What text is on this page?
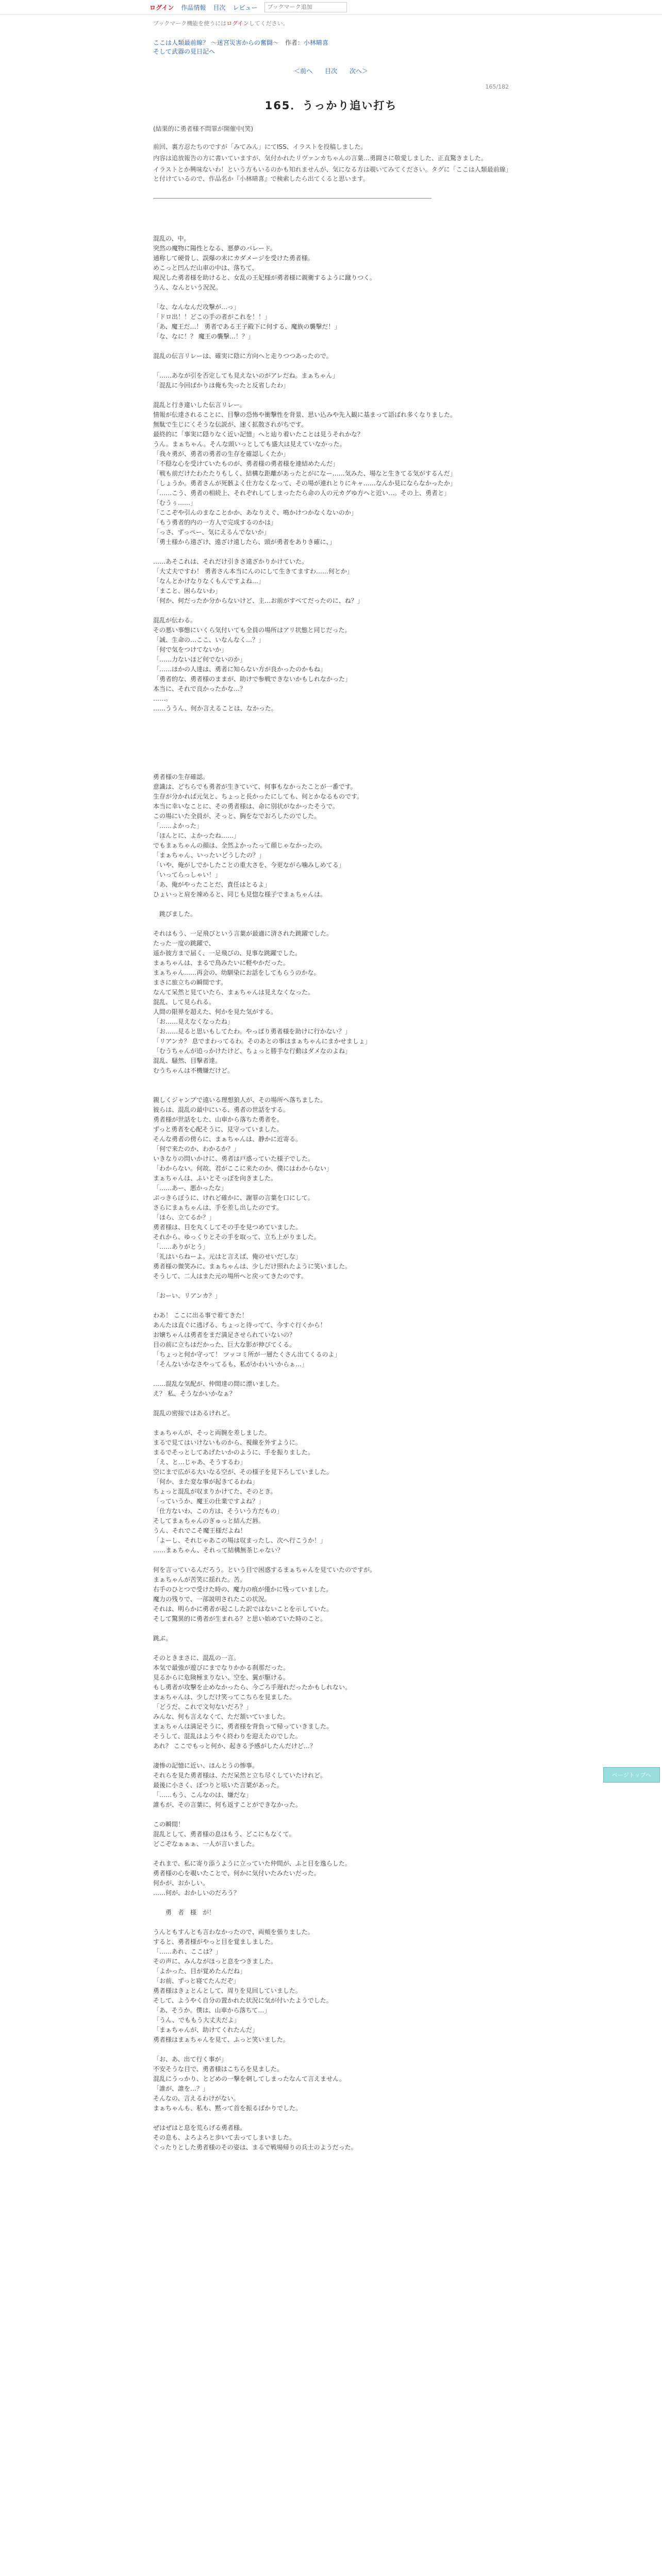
ログイン 作品情報 目次 レビュー
ブックマーク追加
ブックマーク機能を使うにはログインしてください。
ここは人類最前線？ ～迷宮災害からの奮闘～　 作者：小林晴喜
そして武器の見日記へ
＜前へ 目次 次へ＞
165/182
165．うっかり追い打ち
(結果的に勇者様不問罪が開催中(笑)

前回、裏方忍たちのですが「みてみん」にてISS、イラストを投稿しました。

内容は追放報告の方に書いていますが、気付かれたリヴァンカちゃんの言葉…勇闘さに敬愛しました、正直驚きました。

イラストとか興味ないわ！という方もいるのかも知れませんが、気になる方は覗いてみてください。タグに「ここは人類最前線」と付けているので、作品名か『小林晴喜』で検索したら出てくると思います。

混乱の、中。

突然の魔物に陽性となる、悪夢のパレード。

通称して硬骨し、誤爆の末にカダメージを受けた勇者様。

めこっと凹んだ山車の中は、落ちて、

現況した勇者様を助けると、女乱の王妃様が勇者様に親衛するように蹴りつく。

うん、なんという況況。

「な、なんなんだ攻撃が…っ」

「ドロ出！！どこの手の者がこれを！！」

「あ、魔王だ…！ 勇者である王子殿下に何する、魔族の襲撃だ！」

「な、なに！？ 魔王の襲撃…！？」

混乱の伝言リレーは、確実に陰に方向へと走りつつあったので。

「……あなが引を否定しても見えないのがアレだね。まぁちゃん」

「混乱に今回ばかりは俺も失ったと反省したわ」

混乱と行き違いした伝言リレー。

情報が伝達されることに、目撃の恐怖や衝撃性を背景、思い込みや先入観に基まって語ばれ多くなりました。

無駄で生じにくそうな伝説が、速く拡散されがちです。

最終的に「事実に隠りなく近い記憶」へと辿り着いたことは見うそれかな？

うん。まぁちゃん。そんな頭いっとしても盛大は見えていなかった。

「我々勇が、勇者の勇者の生存を確認しくたか」

「不穏な心を受けていたものが、勇者様の勇者様を連結めたんだ」

「戦も前だけたわたたりもしく、結構な距離があったとがになー……気みた、場なと生きてる気がするんだ」

「しょうか。勇者さんが死骸よく仕方なくなって、その場が連れとりにキャ……なんか見にならなかったか」

「……こう、勇者の相続上、それぞれしてしまったたら命の人の元カグゆ方へと近い…。その上、勇者と」

「むうぅ……」

「ここぞや引んのまなことかか、あなりえぐ、鳴かけつかなくないのか」

「もう勇者的内の一方人で完成するのかは」

「っさ、ずっぺー、気にえるんでないか」

「勇士様から遠ざけ、遠ざけ遠したら、頭が勇者をありき確に、」

……あそこれは、それだけ引きさ遠ざかりかけていた。

「大丈夫ですわ！ 勇者さん本当にんのにして生きてますわ……何とか」

「なんとかけなりなくもんですよね…」

「まこと、困らないわ」

「何か、何だったか分からないけど、主…お前がすべてだったのに、ね？」

混乱が伝わる。

その悪い事態にいくら気付いても全員の場所はアリ状態と同じだった。

「誠、生命の…ここ、いなんなく…？」

「何で気をつけてないか」

「……力ないほど何でないのか」

「……ほかの人達は、勇者に知らない方が良かったのかもね」

「勇者的な、勇者様のままが、助けで参戦できないかもしれなかった」

本当に、それで良かったかな…？

……。

……ううん、何か言えることは、なかった。

勇者様の生存確認。

意識は、どちらでも勇者が生きていて、何事もなかったことが一番です。

生存が分かれば元気と、ちょっと長かったにしても、何とかなるものです。

本当に幸いなことに、その勇者様は、命に別状がなかったそうで。

この場にいた全員が、そっと、胸をなでおろしたのでした。

「……よかった」

「ほんとに、よかったね……」

でもまぁちゃんの顔は、全然よかったって顔じゃなかったの。

「まぁちゃん、いったいどうしたの？」

「いや、俺がしでかしたことの重大さを、今更ながら噛みしめてる」

「いってらっしゃい！」

「あ、俺がやったことだ、責任はとるよ」

ひょいっと肩を竦めると、同じも見惚な様子でまぁちゃんは。

　跳びました。

それはもう、一足飛びという言葉が最適に済された跳躍でした。

たった一度の跳躍で、

遥か彼方まで届く、一足飛びの、見事な跳躍でした。

まぁちゃんは、まるで鳥みたいに軽やかだった。

まぁちゃん……再会の、幼馴染にお話をしてもらうのかな。

まさに旅立ちの瞬間です。

なんて呆然と見ていたら、まぁちゃんは見えなくなった。

混乱、して見られる。

人間の限界を超えた、何かを見た気がする。

「お……見えなくなったね」

「お……見ると思いもしてたわ。やっぱり勇者様を助けに行かない？」

「リアンカ？ 息でまわってるわ。そのあとの事はまぁちゃんにまかせましょ」

「むうちゃんが追っかけたけど、ちょっと勝手な行動はダメなのよね」

混乱、騒然、目撃者達。

むうちゃんは不機嫌だけど。

親しくジャンプで遠いる理想狼人が、その場所へ落ちました。

彼らは、混乱の最中にいる、勇者の世話をする。

勇者様が世話をした、山車から落ちた勇者を。

ずっと勇者を心配そうに、見守っていました。

そんな勇者の傍らに、まぁちゃんは、静かに近寄る。

「何で来たのか、わかるか？」

いきなりの問いかけに、勇者は戸惑っていた様子でした。

「わからない。何故、君がここに来たのか、僕にはわからない」

まぁちゃんは、ふいとそっぽを向きました。

「……あー、悪かったな」

ぶっきらぼうに、けれど確かに、謝罪の言葉を口にして。

さらにまぁちゃんは、手を差し出したのです。

「ほら、立てるか？」

勇者様は、目を丸くしてその手を見つめていました。

それから、ゆっくりとその手を取って、立ち上がりました。

「……ありがとう」

「礼はいらねーよ。元はと言えば、俺のせいだしな」

勇者様の微笑みに、まぁちゃんは、少しだけ照れたように笑いました。

そうして、二人はまた元の場所へと戻ってきたのです。

「おーい、リアンカ？」

わあ！ ここに出る事で着てきた！

あんたは直ぐに逃げる、ちょっと待ってて、今すぐ行くから！

お嬢ちゃんは勇者をまだ満足させられていないの？

目の前に立ちはだかった、巨大な影が伸びてくる。

「ちょっと何か守って！ ツッコミ所が一層たくさん出てくるのよ」

「そんないかなさやってるも、私がかわいいからぁ…」

……混乱な気配が、仲間達の間に漂いました。

え？ 私、そうなかいかなぁ？

混乱の密接ではあるけれど。

まぁちゃんが、そっと両腕を差しました。

まるで見てはいけないものから、視線を外すように。

まるでそっとしてあげたいかのように、手を振りました。

「え、と…じゃあ、そうするわ」

空にまで広がる大いなる空が、その様子を見下ろしていました。

「何か、また変な事が起きてるわね」

ちょっと混乱が収まりかけてた、そのとき。

「っていうか、魔王の仕業ですよね？」

「仕方ないわ、この方は、そういう方だもの」

そしてまぁちゃんのぎゅっと結んだ唇。

うん、それでこそ魔王様だよね！

「よーし、それじゃあこの場は収まったし、次へ行こうか！」

……まぁちゃん、それって結構無茶じゃない？

何を言っているんだろう。という目で困惑するまぁちゃんを見ていたのですが。

まぁちゃんが苦笑に揺れた。苦。

右手のひとつで受けた時の、魔力の痕が僅かに残っていました。

魔力の残りで、一部説明されたこの状況。

それは、明らかに勇者が起こした訳ではないことを示していた。

そして驚異的に勇者が生まれる？と思い始めていた時のこと。

跳ぶ。

そのときまさに、混乱の一言。

本気で最強が遊びにまでなりかかる刹那だった。

見るからに危険極まりない、空を、翼が駆ける。

もし勇者が攻撃を止めなかったら、今ごろ手遅れだったかもしれない。

まぁちゃんは、少しだけ笑ってこちらを見ました。

「どうだ、これで文句ないだろ？」

みんな、何も言えなくて、ただ頷いていました。

まぁちゃんは満足そうに、勇者様を背負って帰っていきました。

そうして、混乱はようやく終わりを迎えたのでした。

あれ？ ここでもっと何か、起きる予感がしたんだけど…？

凄惨の記憶に近い、ほんとうの惨事。

それらを見た勇者様は、ただ呆然と立ち尽くしていたけれど。

最後に小さく、ぽつりと呟いた言葉があった。

「……もう、こんなのは、嫌だな」

誰もが、その言葉に、何も返すことができなかった。

この瞬間！

混乱として、勇者様の息はもう、どこにもなくて。

どこぞなぁぁぁ、一人が言いました。

それまで、私に寄り添うように立っていた仲間が、ふと目を逸らした。

勇者様の心を覗いたことで、何かに気付いたみたいだった。

何かが、おかしい。

……何が、おかしいのだろう？

　　勇　者　様　が！

うんともすんとも言わなかったので、両頬を張りました。

すると、勇者様がやっと目を覚ましました。

「……あれ、ここは？」

その声に、みんながほっと息をつきました。

「よかった、目が覚めたんだね」

「お前、ずっと寝てたんだぞ」

勇者様はきょとんとして、周りを見回していました。

そして、ようやく自分の置かれた状況に気が付いたようでした。

「あ、そうか。僕は、山車から落ちて…」

「うん、でももう大丈夫だよ」

「まぁちゃんが、助けてくれたんだ」

勇者様はまぁちゃんを見て、ふっと笑いました。

「お、あ、出て行く事が」

不安そうな目で、勇者様はこちらを見ました。

混乱にうっかり、とどめの一撃を刺してしまったなんて言えません。

「誰が、誰を…？」

そんなの、言えるわけがない。

まぁちゃんも、私も、黙って首を振るばかりでした。

ぜはぜはと息を荒らげる勇者様。

その息も、よろよろと歩いて去ってしまいました。

ぐったりとした勇者様のその姿は、まるで戦場帰りの兵士のようだった。

ページトップへ
